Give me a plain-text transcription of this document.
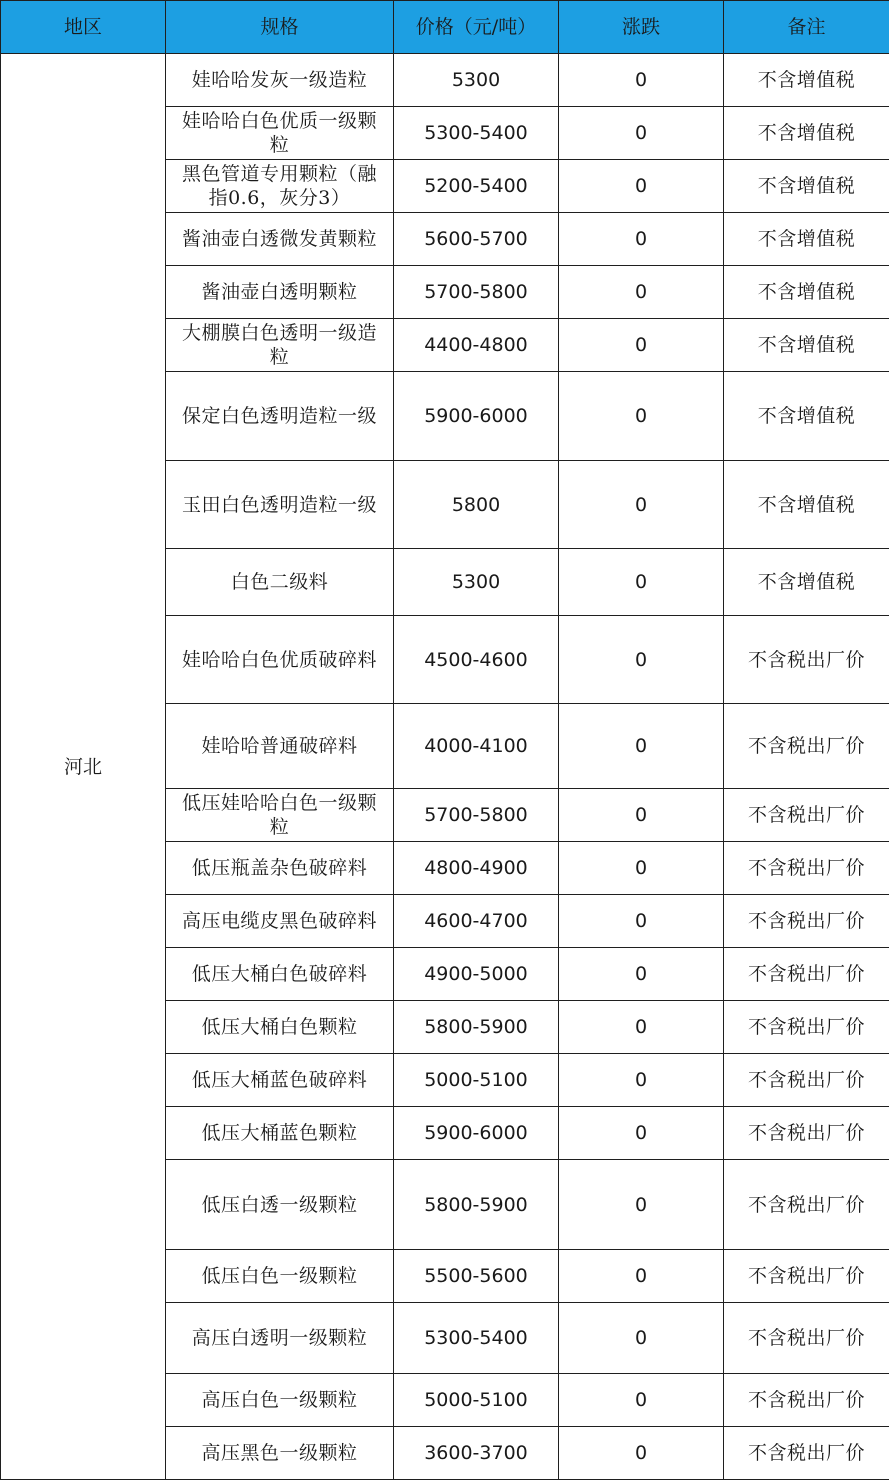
地区	规格	价格（元/吨）	涨跌	备注
河北	娃哈哈发灰一级造粒	5300	0	不含增值税
	娃哈哈白色优质一级颗粒	5300-5400	0	不含增值税
	黑色管道专用颗粒（融指0.6，灰分3）	5200-5400	0	不含增值税
	酱油壶白透微发黄颗粒	5600-5700	0	不含增值税
	酱油壶白透明颗粒	5700-5800	0	不含增值税
	大棚膜白色透明一级造粒	4400-4800	0	不含增值税
	保定白色透明造粒一级	5900-6000	0	不含增值税
	玉田白色透明造粒一级	5800	0	不含增值税
	白色二级料	5300	0	不含增值税
	娃哈哈白色优质破碎料	4500-4600	0	不含税出厂价
	娃哈哈普通破碎料	4000-4100	0	不含税出厂价
	低压娃哈哈白色一级颗粒	5700-5800	0	不含税出厂价
	低压瓶盖杂色破碎料	4800-4900	0	不含税出厂价
	高压电缆皮黑色破碎料	4600-4700	0	不含税出厂价
	低压大桶白色破碎料	4900-5000	0	不含税出厂价
	低压大桶白色颗粒	5800-5900	0	不含税出厂价
	低压大桶蓝色破碎料	5000-5100	0	不含税出厂价
	低压大桶蓝色颗粒	5900-6000	0	不含税出厂价
	低压白透一级颗粒	5800-5900	0	不含税出厂价
	低压白色一级颗粒	5500-5600	0	不含税出厂价
	高压白透明一级颗粒	5300-5400	0	不含税出厂价
	高压白色一级颗粒	5000-5100	0	不含税出厂价
	高压黑色一级颗粒	3600-3700	0	不含税出厂价
